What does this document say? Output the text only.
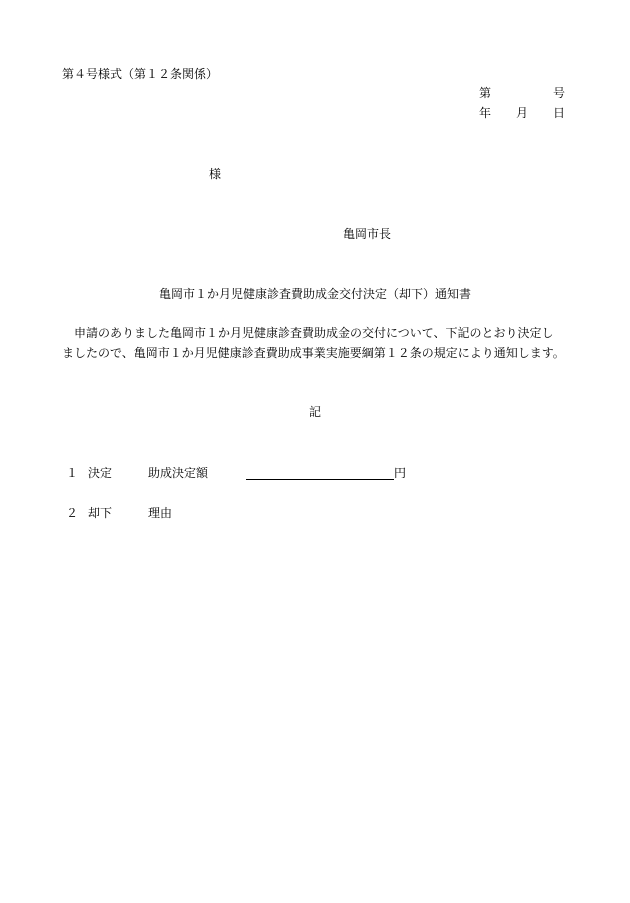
第４号様式（第１２条関係）
第	号
年 月 日
様
亀岡市長
亀岡市１か月児健康診査費助成金交付決定（却下）通知書
　申請のありました亀岡市１か月児健康診査費助成金の交付について、下記のとおり決定し
ましたので、亀岡市１か月児健康診査費助成事業実施要綱第１２条の規定により通知します。
記
１ 決定	助成決定額	円
２ 却下	理由
